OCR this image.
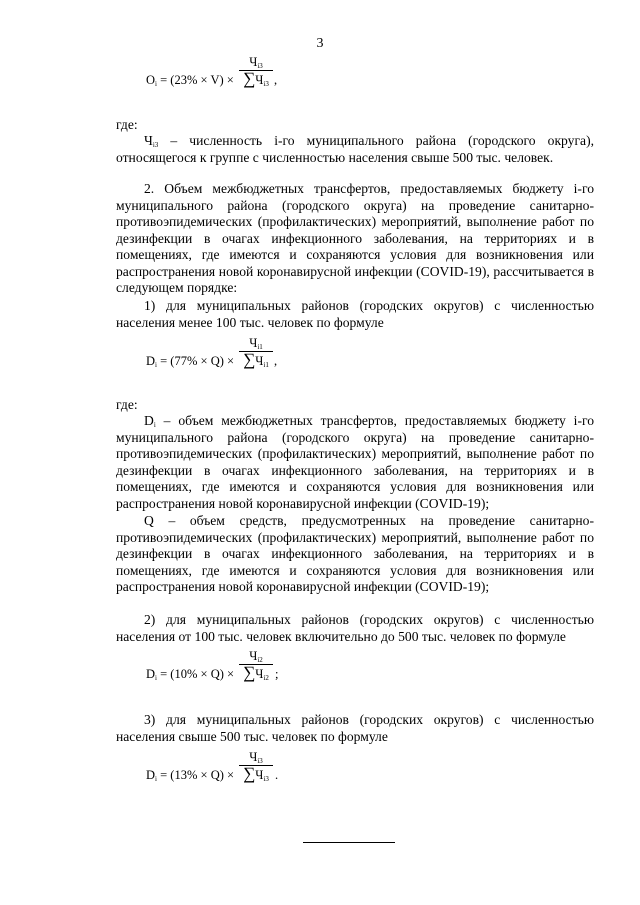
3
$O_i = (23\% \times V)$ ×
$Ч_{i3}$
$\sum Ч_{i3}$ ,

где:

$Ч_{i3}$ – численность i-го муниципального района (городского округа), относящегося к группе с численностью населения свыше 500 тыс. человек.

2. Объем межбюджетных трансфертов, предоставляемых бюджету i-го муниципального района (городского округа) на проведение санитарно-противоэпидемических (профилактических) мероприятий, выполнение работ по дезинфекции в очагах инфекционного заболевания, на территориях и в помещениях, где имеются и сохраняются условия для возникновения или распространения новой коронавирусной инфекции (COVID-19), рассчитывается в следующем порядке:

1) для муниципальных районов (городских округов) с численностью населения менее 100 тыс. человек по формуле

$D_i = (77\% \times Q)$ ×
$Ч_{i1}$
$\sum Ч_{i1}$ ,

где:

$D_i$ – объем межбюджетных трансфертов, предоставляемых бюджету i-го муниципального района (городского округа) на проведение санитарно-противоэпидемических (профилактических) мероприятий, выполнение работ по дезинфекции в очагах инфекционного заболевания, на территориях и в помещениях, где имеются и сохраняются условия для возникновения или распространения новой коронавирусной инфекции (COVID-19);

Q – объем средств, предусмотренных на проведение санитарно-противоэпидемических (профилактических) мероприятий, выполнение работ по дезинфекции в очагах инфекционного заболевания, на территориях и в помещениях, где имеются и сохраняются условия для возникновения или распространения новой коронавирусной инфекции (COVID-19);

2) для муниципальных районов (городских округов) с численностью населения от 100 тыс. человек включительно до 500 тыс. человек по формуле

$D_i = (10\% \times Q)$ ×
$Ч_{i2}$
$\sum Ч_{i2}$ ;

3) для муниципальных районов (городских округов) с численностью населения свыше 500 тыс. человек по формуле

$D_i = (13\% \times Q)$ ×
$Ч_{i3}$
$\sum Ч_{i3}$ .
